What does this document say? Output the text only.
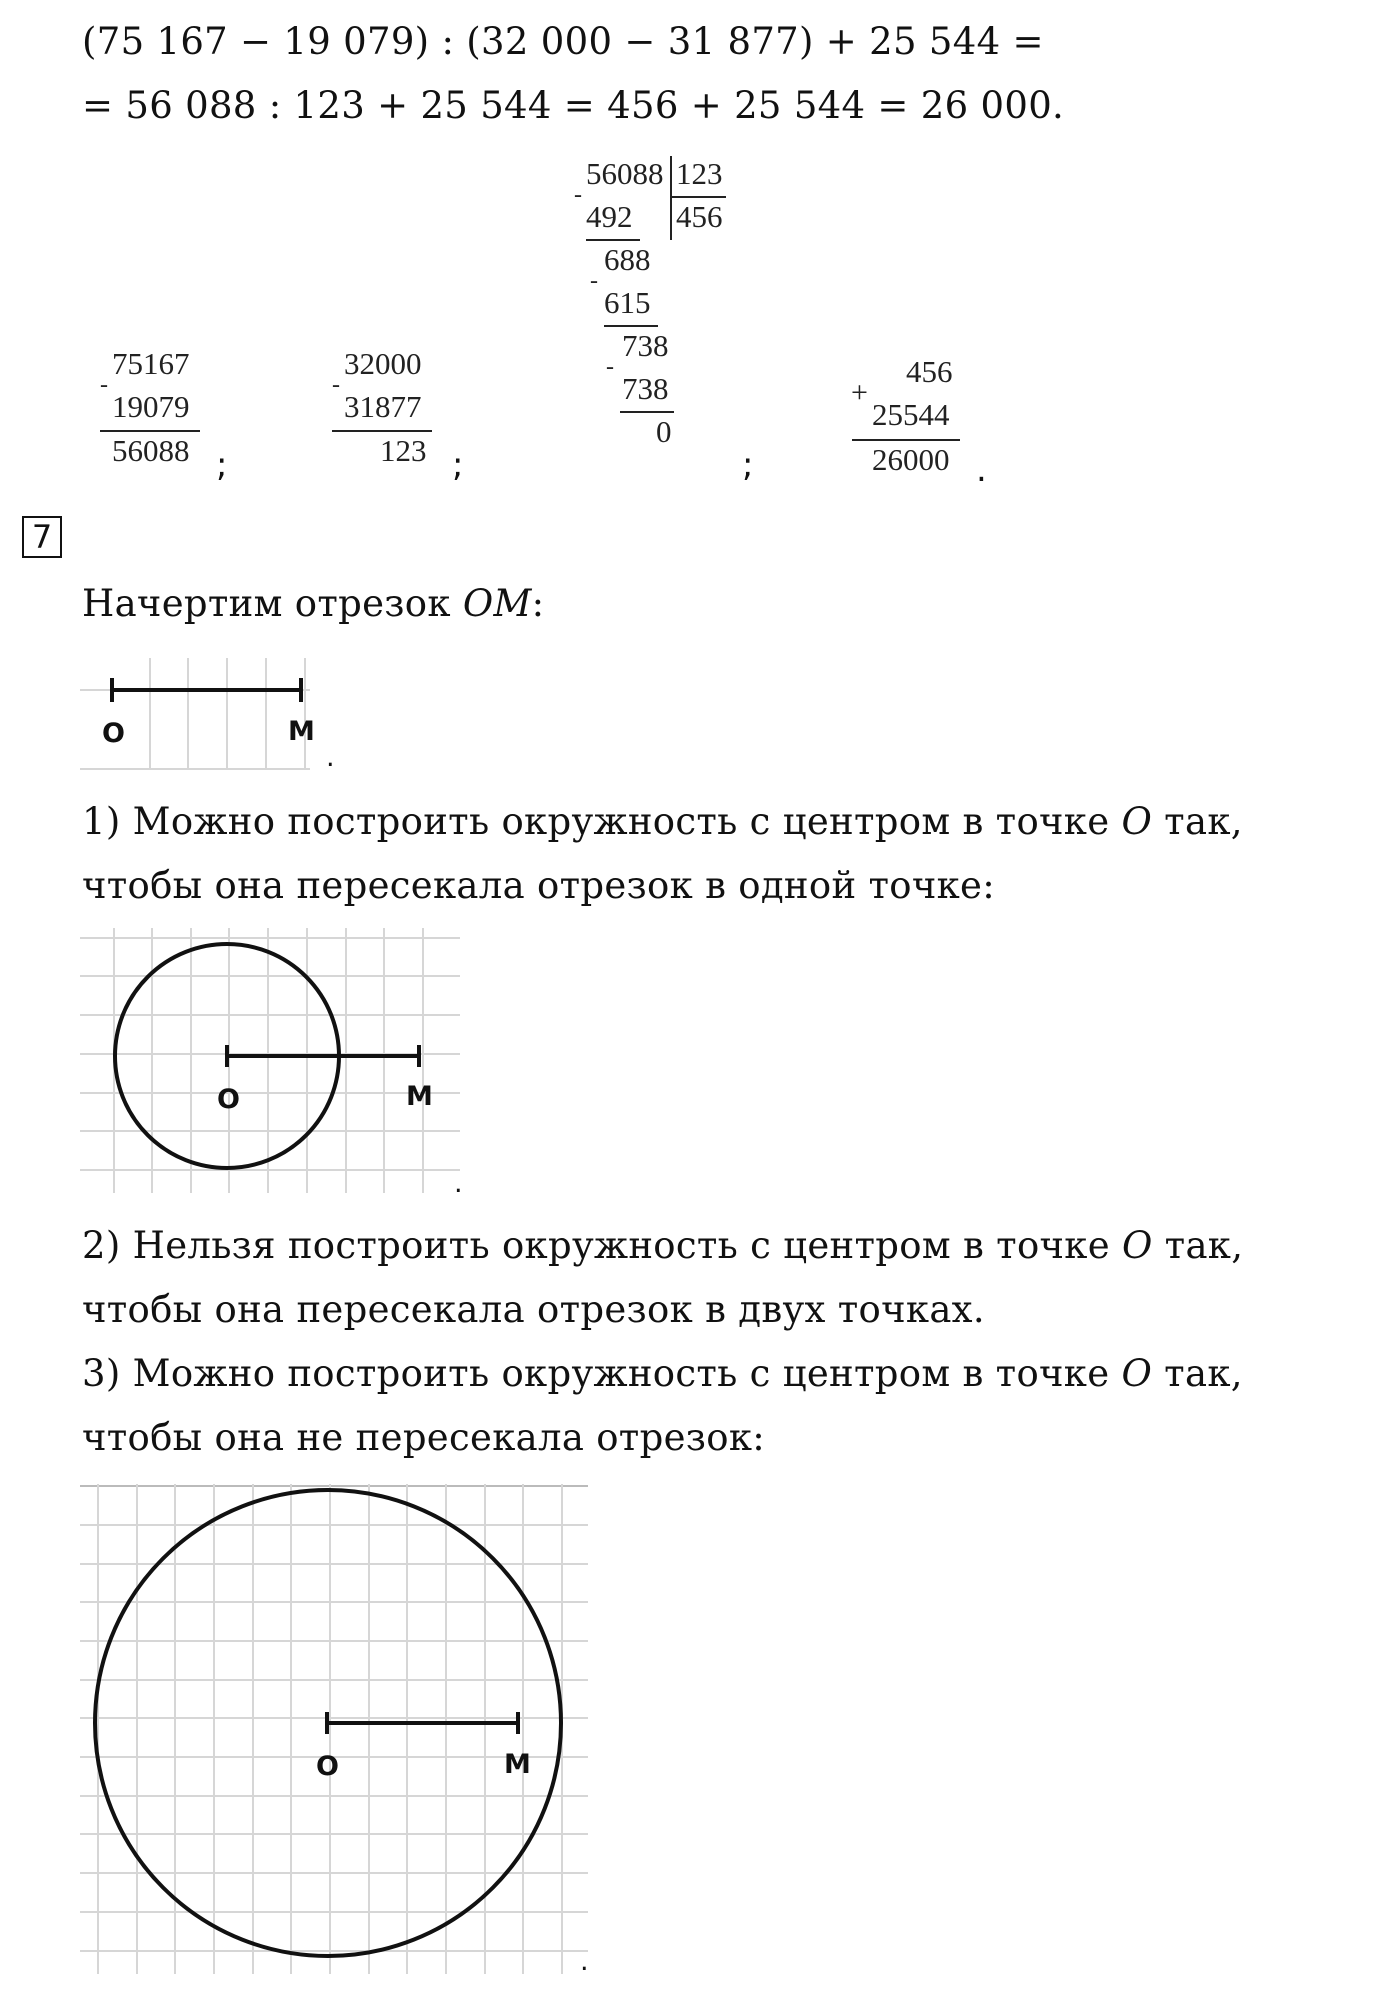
(75 167 − 19 079) : (32 000 − 31 877) + 25 544 =
= 56 088 : 123 + 25 544 = 456 + 25 544 = 26 000.
75167
-
19079
56088 ;
32000
-
31877
123 ;
56088 123
456
-
492
688
-
615
738
-
738
0
;
456
+
25544
26000 .
7
Начертим отрезок OM:
O	M
.
1) Можно построить окружность с центром в точке O так,
чтобы она пересекала отрезок в одной точке:
O	M
.
2) Нельзя построить окружность с центром в точке O так,
чтобы она пересекала отрезок в двух точках.
3) Можно построить окружность с центром в точке O так,
чтобы она не пересекала отрезок:
O	M
.
